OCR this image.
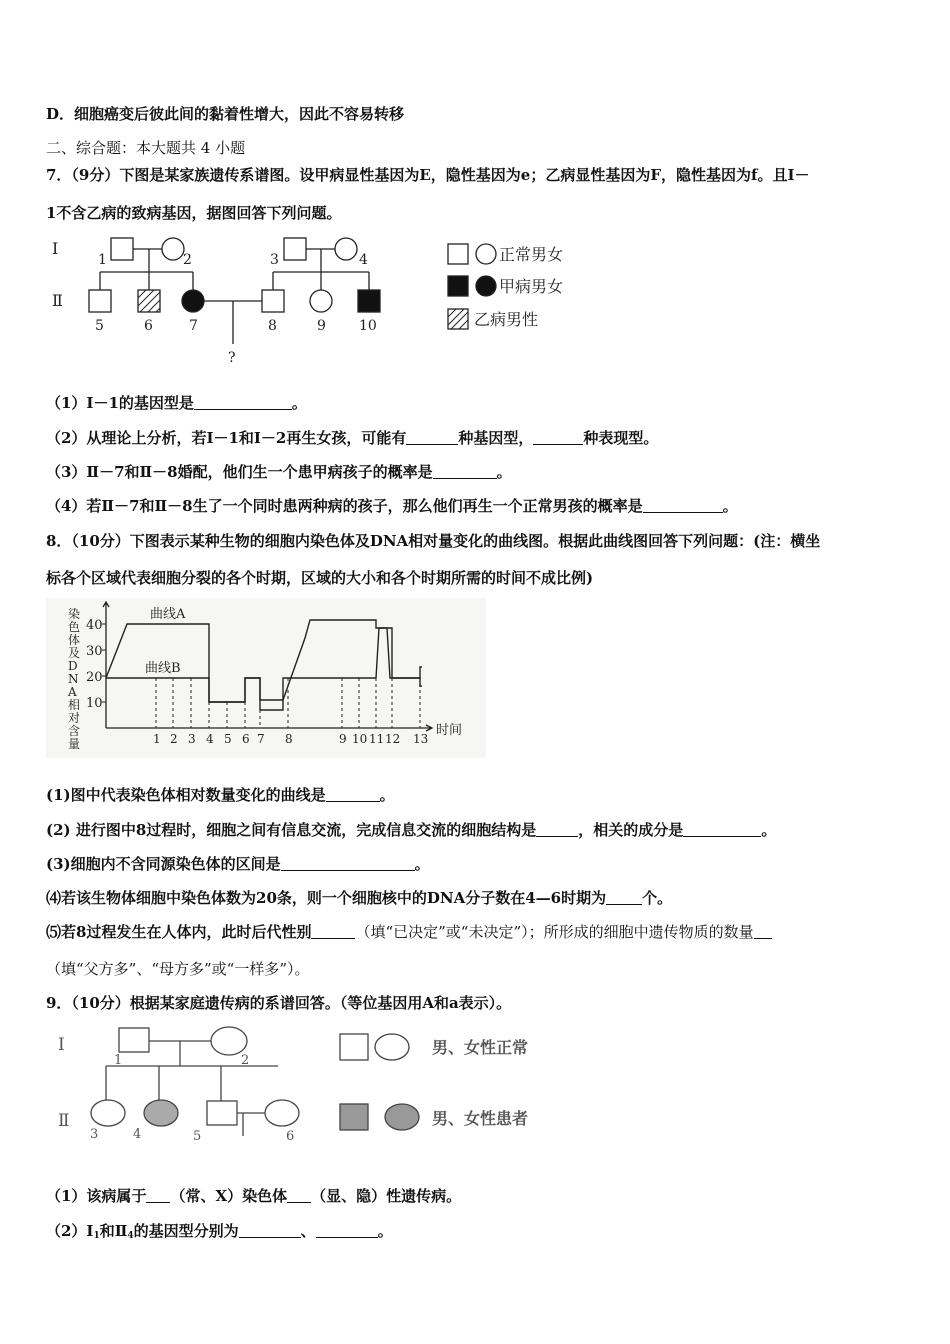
D．细胞癌变后彼此间的黏着性增大，因此不容易转移
二、综合题：本大题共 4 小题
7．（9分）下图是某家族遗传系谱图。设甲病显性基因为E，隐性基因为e；乙病显性基因为F，隐性基因为f。且Ⅰ－
1不含乙病的致病基因，据图回答下列问题。
Ⅰ
Ⅱ
1	2	3	4
5	6	7	8	9 10
?
正常男女
甲病男女
乙病男性
（1）Ⅰ－1的基因型是	。
（2）从理论上分析，若Ⅰ－1和Ⅰ－2再生女孩，可能有	种基因型，	种表现型。
（3）Ⅱ－7和Ⅱ－8婚配，他们生一个患甲病孩子的概率是	。
（4）若Ⅱ－7和Ⅱ－8生了一个同时患两种病的孩子，那么他们再生一个正常男孩的概率是	。
8．（10分）下图表示某种生物的细胞内染色体及DNA相对量变化的曲线图。根据此曲线图回答下列问题：(注：横坐
标各个区域代表细胞分裂的各个时期，区域的大小和各个时期所需的时间不成比例)
染色体及 D N A 相对含量
10
20
30
40
1 2 3 4 5 6 7 8	9 10 11 12 13
曲线A
曲线B
时间
(1)图中代表染色体相对数量变化的曲线是	。
(2) 进行图中8过程时，细胞之间有信息交流，完成信息交流的细胞结构是	，相关的成分是	。
(3)细胞内不含同源染色体的区间是	。
⑷若该生物体细胞中染色体数为20条，则一个细胞核中的DNA分子数在4—6时期为 个。
⑸若8过程发生在人体内，此时后代性别	（填“已决定”或“未决定”）；所形成的细胞中遗传物质的数量
（填“父方多”、“母方多”或“一样多”）。
9．（10分）根据某家庭遗传病的系谱回答。（等位基因用A和a表示）。
Ⅰ
Ⅱ
1	2
3	4	5	6
男、女性正常
男、女性患者
（1）该病属于 （常、X）染色体 （显、隐）性遗传病。
$(2)Ⅰ_1$和$Ⅱ_4$的基因型分别为	、	。
